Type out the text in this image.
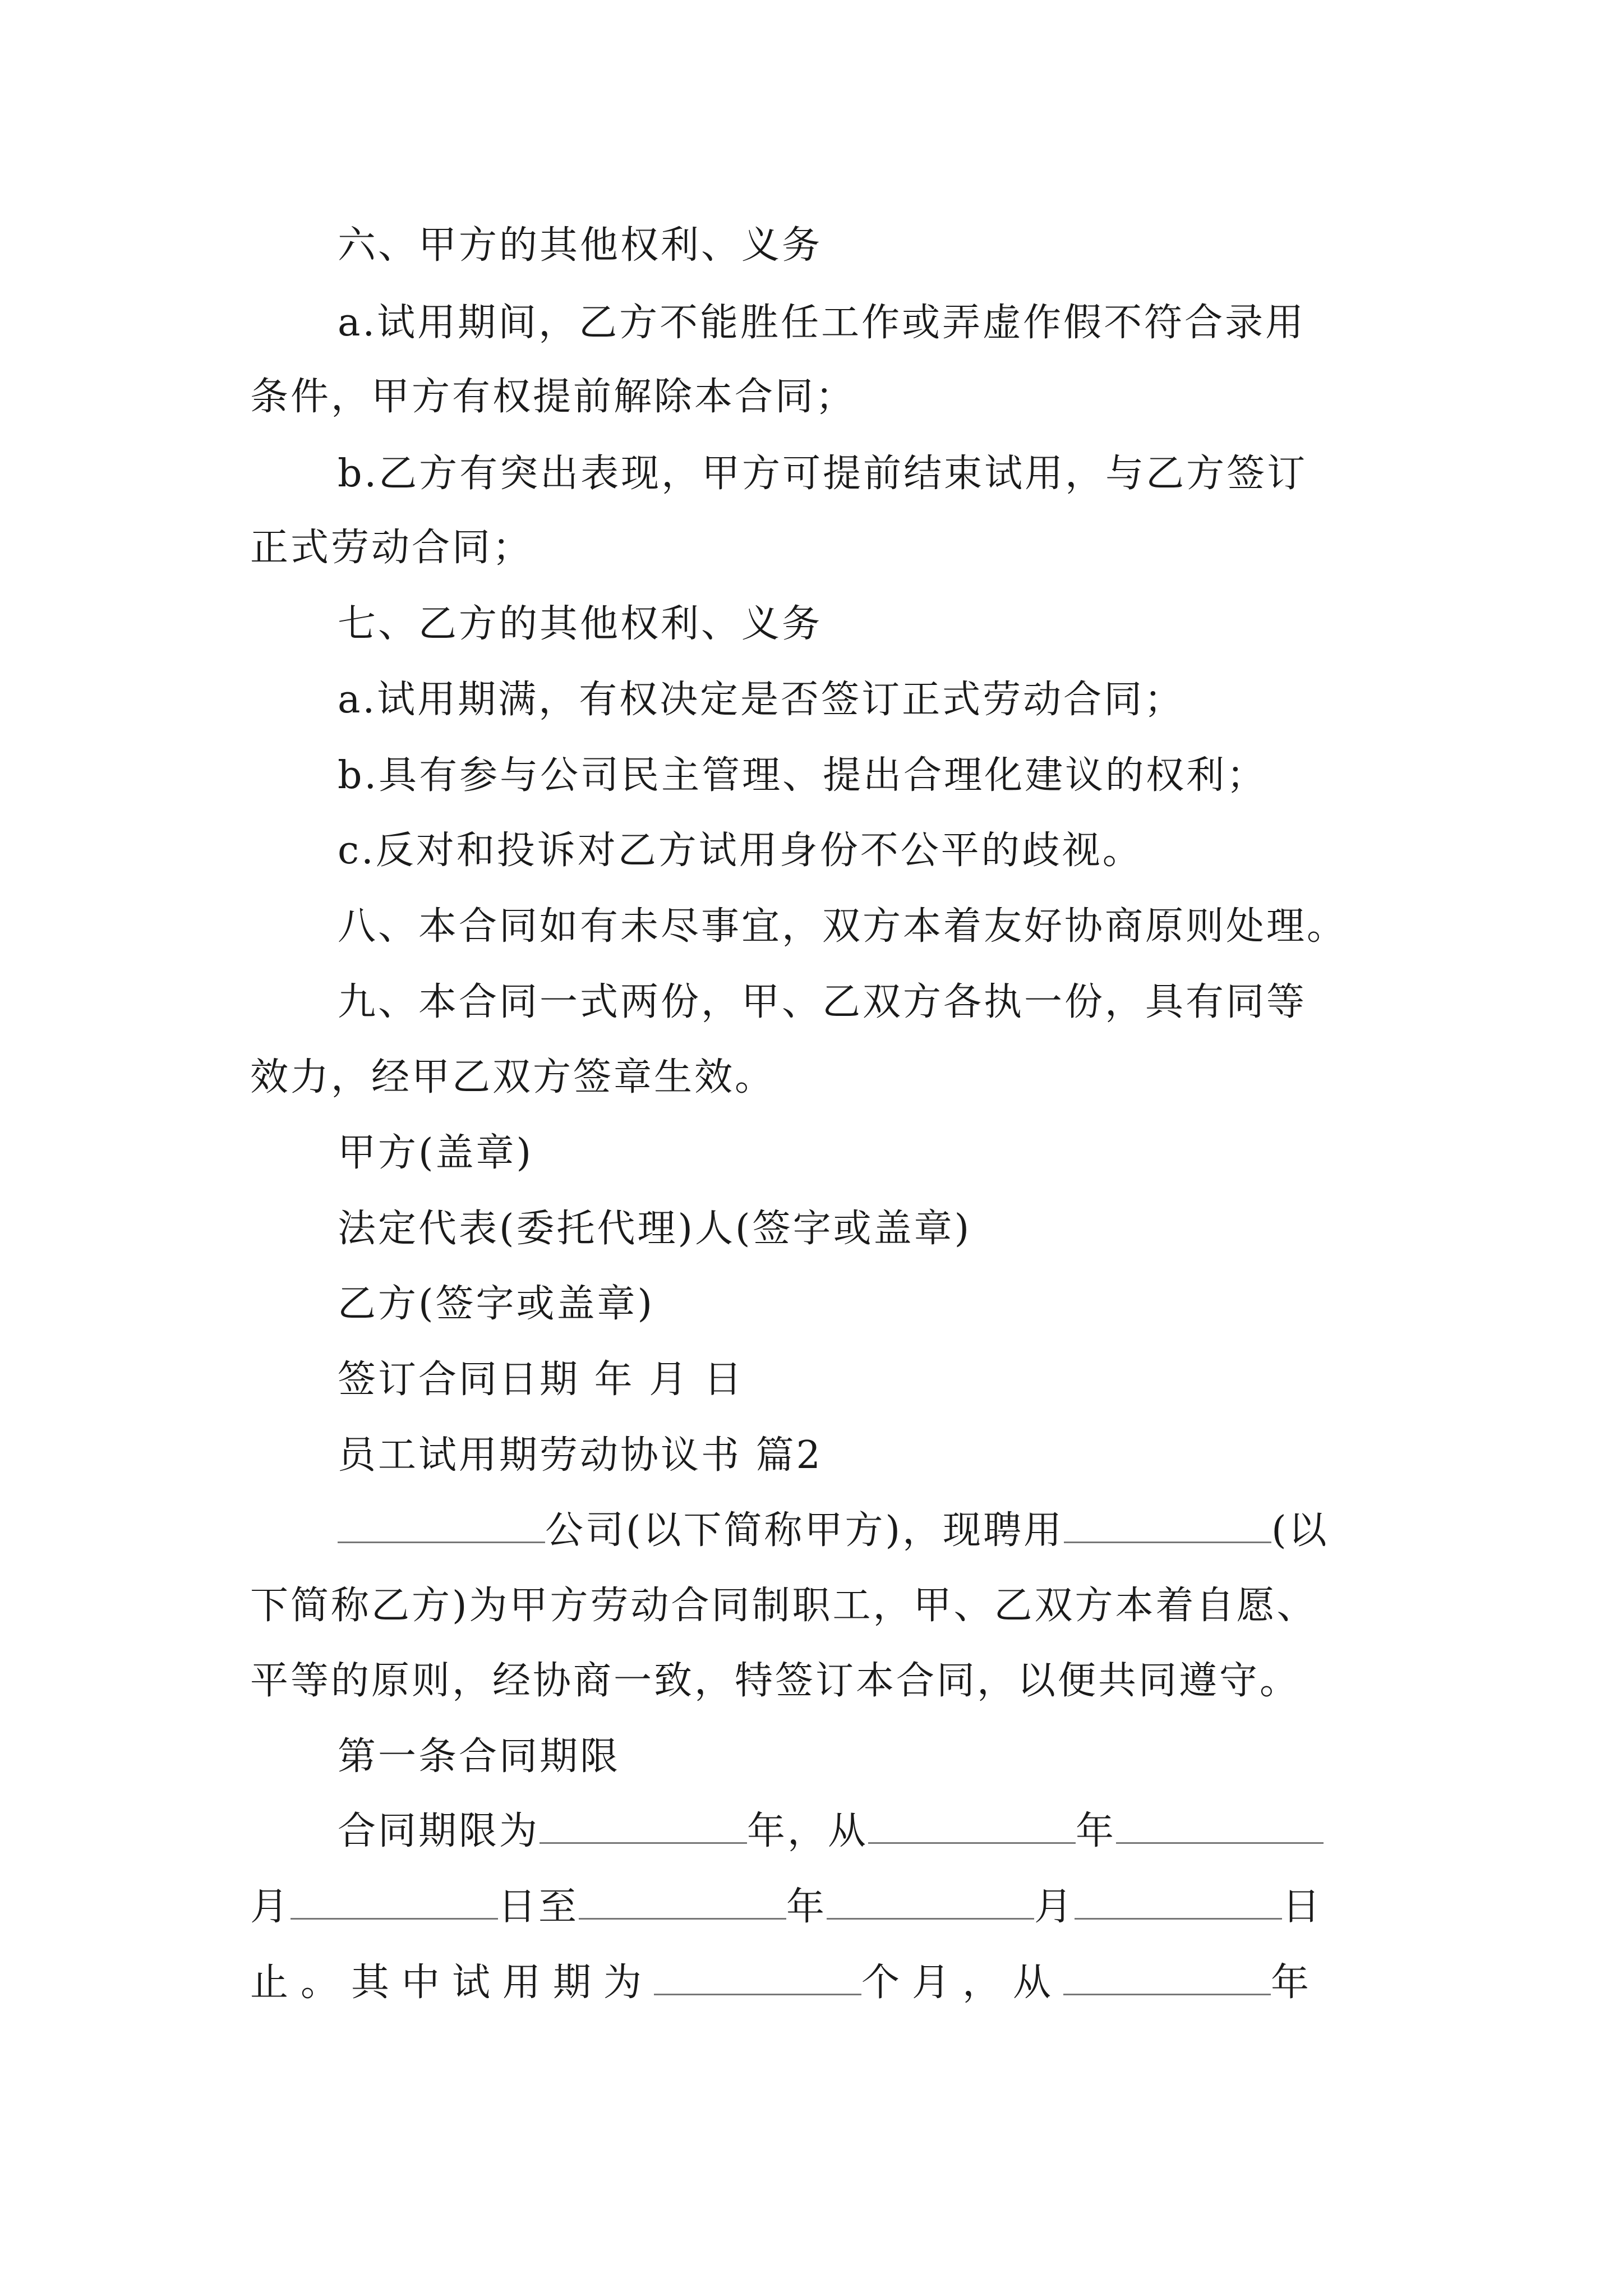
六、甲方的其他权利、义务
a.试用期间，乙方不能胜任工作或弄虚作假不符合录用
条件，甲方有权提前解除本合同；
b.乙方有突出表现，甲方可提前结束试用，与乙方签订
正式劳动合同；
七、乙方的其他权利、义务
a.试用期满，有权决定是否签订正式劳动合同；
b.具有参与公司民主管理、提出合理化建议的权利；
c.反对和投诉对乙方试用身份不公平的歧视。
八、本合同如有未尽事宜，双方本着友好协商原则处理。
九、本合同一式两份，甲、乙双方各执一份，具有同等
效力，经甲乙双方签章生效。
甲方(盖章)
法定代表(委托代理)人(签字或盖章)
乙方(签字或盖章)
签订合同日期 年 月 日
员工试用期劳动协议书 篇2
公司(以下简称甲方)，现聘用	(以
下简称乙方)为甲方劳动合同制职工，甲、乙双方本着自愿、
平等的原则，经协商一致，特签订本合同，以便共同遵守。
第一条合同期限
合同期限为	年，从	年
月	日至	年	月	日
止。其中试用期为	个月，从	年
